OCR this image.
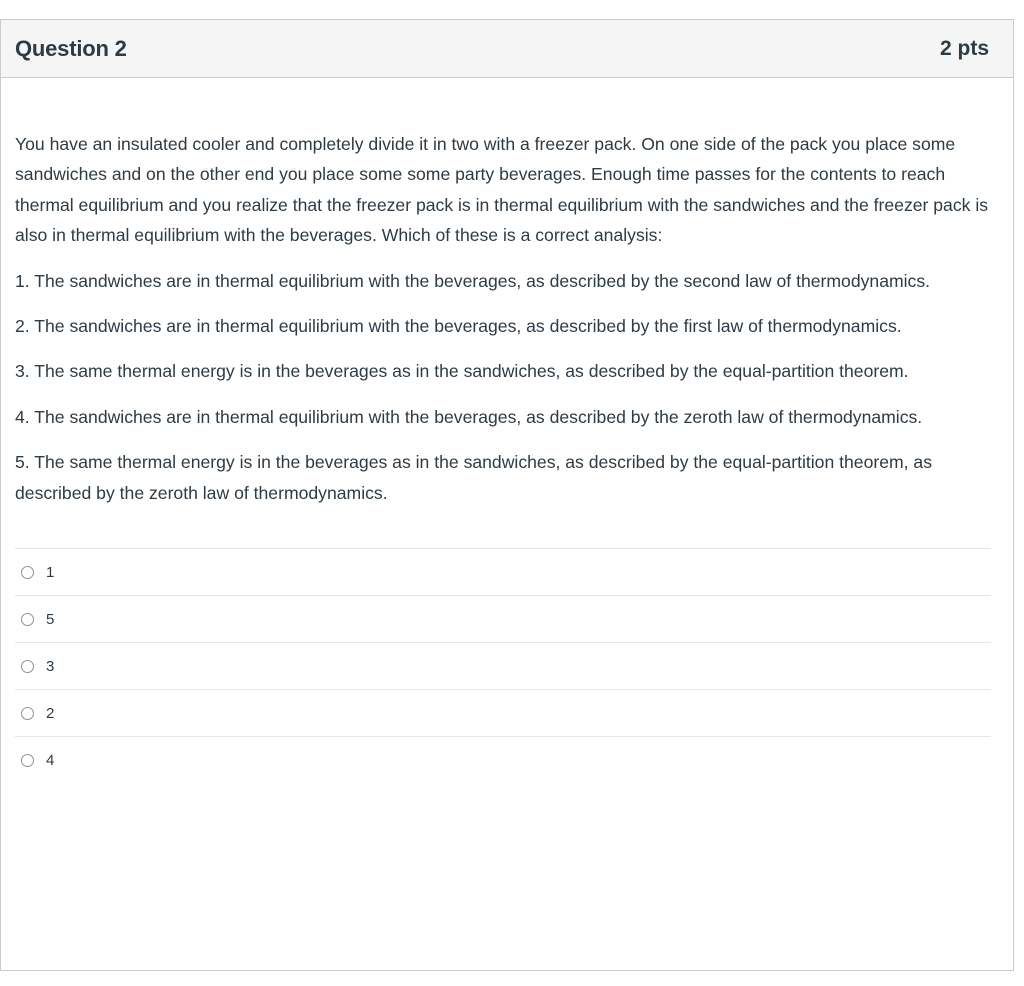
Question 2	2 pts

You have an insulated cooler and completely divide it in two with a freezer pack. On one side of the pack you place some sandwiches and on the other end you place some some party beverages. Enough time passes for the contents to reach thermal equilibrium and you realize that the freezer pack is in thermal equilibrium with the sandwiches and the freezer pack is also in thermal equilibrium with the beverages. Which of these is a correct analysis:

1. The sandwiches are in thermal equilibrium with the beverages, as described by the second law of thermodynamics.

2. The sandwiches are in thermal equilibrium with the beverages, as described by the first law of thermodynamics.

3. The same thermal energy is in the beverages as in the sandwiches, as described by the equal-partition theorem.

4. The sandwiches are in thermal equilibrium with the beverages, as described by the zeroth law of thermodynamics.

5. The same thermal energy is in the beverages as in the sandwiches, as described by the equal-partition theorem, as described by the zeroth law of thermodynamics.

1
5
3
2
4
